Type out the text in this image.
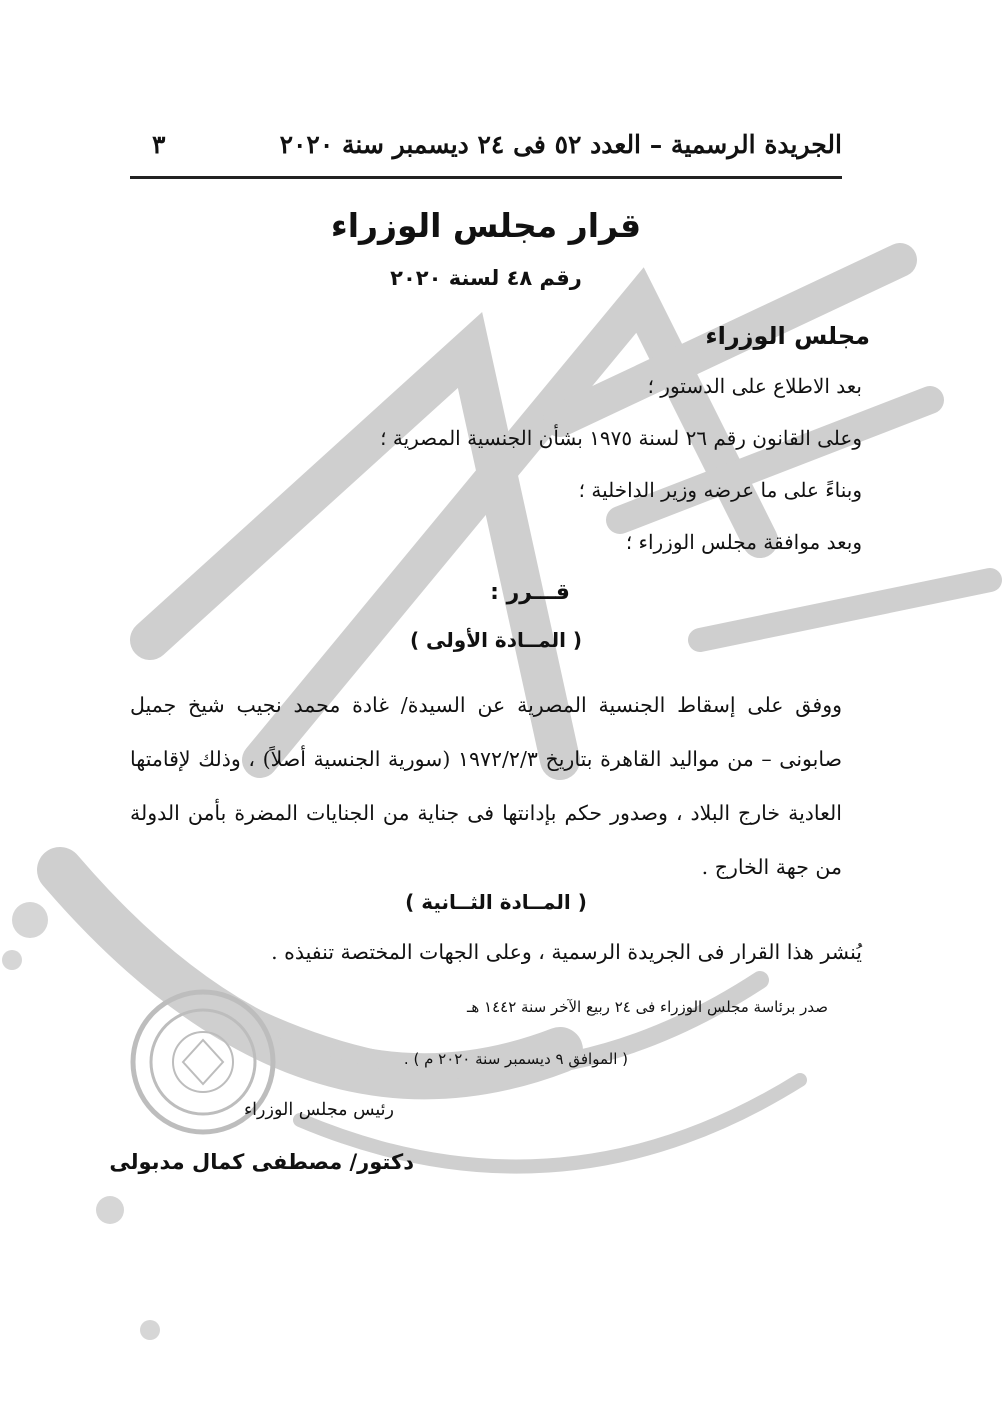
الجريدة الرسمية – العدد ٥٢ فى ٢٤ ديسمبر سنة ٢٠٢٠
٣
قرار مجلس الوزراء
رقم ٤٨ لسنة ٢٠٢٠
مجلس الوزراء
بعد الاطلاع على الدستور ؛
وعلى القانون رقم ٢٦ لسنة ١٩٧٥ بشأن الجنسية المصرية ؛
وبناءً على ما عرضه وزير الداخلية ؛
وبعد موافقة مجلس الوزراء ؛
قـــرر :
( المــادة الأولى )
ووفق على إسقاط الجنسية المصرية عن السيدة/ غادة محمد نجيب شيخ جميل صابونى – من مواليد القاهرة بتاريخ ١٩٧٢/٢/٣ (سورية الجنسية أصلاً) ، وذلك لإقامتها العادية خارج البلاد ، وصدور حكم بإدانتها فى جناية من الجنايات المضرة بأمن الدولة من جهة الخارج .
( المــادة الثــانية )
يُنشر هذا القرار فى الجريدة الرسمية ، وعلى الجهات المختصة تنفيذه .
صدر برئاسة مجلس الوزراء فى ٢٤ ربيع الآخر سنة ١٤٤٢ هـ
( الموافق ٩ ديسمبر سنة ٢٠٢٠ م ) .
رئيس مجلس الوزراء
دكتور/ مصطفى كمال مدبولى
